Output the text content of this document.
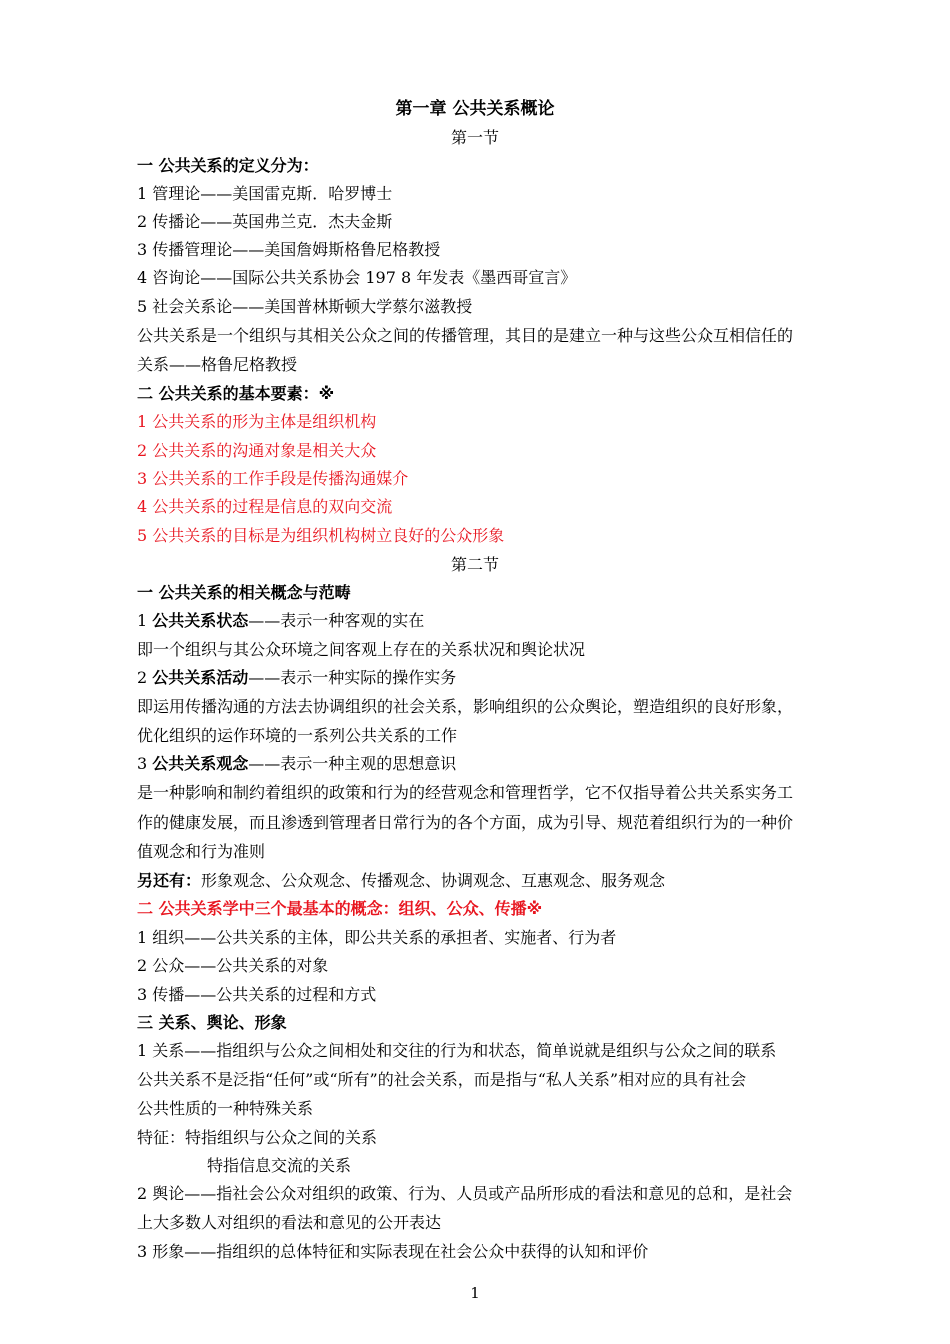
第一章 公共关系概论
第一节
一 公共关系的定义分为：
1 管理论——美国雷克斯．哈罗博士
2 传播论——英国弗兰克．杰夫金斯
3 传播管理论——美国詹姆斯格鲁尼格教授
4 咨询论——国际公共关系协会 197 8 年发表《墨西哥宣言》
5 社会关系论——美国普林斯顿大学蔡尔滋教授
公共关系是一个组织与其相关公众之间的传播管理，其目的是建立一种与这些公众互相信任的
关系——格鲁尼格教授
二 公共关系的基本要素：※
1 公共关系的形为主体是组织机构
2 公共关系的沟通对象是相关大众
3 公共关系的工作手段是传播沟通媒介
4 公共关系的过程是信息的双向交流
5 公共关系的目标是为组织机构树立良好的公众形象
第二节
一 公共关系的相关概念与范畴
1 公共关系状态——表示一种客观的实在
即一个组织与其公众环境之间客观上存在的关系状况和舆论状况
2 公共关系活动——表示一种实际的操作实务
即运用传播沟通的方法去协调组织的社会关系，影响组织的公众舆论，塑造组织的良好形象，
优化组织的运作环境的一系列公共关系的工作
3 公共关系观念——表示一种主观的思想意识
是一种影响和制约着组织的政策和行为的经营观念和管理哲学，它不仅指导着公共关系实务工
作的健康发展，而且渗透到管理者日常行为的各个方面，成为引导、规范着组织行为的一种价
值观念和行为准则
另还有：形象观念、公众观念、传播观念、协调观念、互惠观念、服务观念
二 公共关系学中三个最基本的概念：组织、公众、传播※
1 组织——公共关系的主体，即公共关系的承担者、实施者、行为者
2 公众——公共关系的对象
3 传播——公共关系的过程和方式
三 关系、舆论、形象
1 关系——指组织与公众之间相处和交往的行为和状态，简单说就是组织与公众之间的联系
公共关系不是泛指“任何”或“所有”的社会关系，而是指与“私人关系”相对应的具有社会
公共性质的一种特殊关系
特征：特指组织与公众之间的关系
特指信息交流的关系
2 舆论——指社会公众对组织的政策、行为、人员或产品所形成的看法和意见的总和，是社会
上大多数人对组织的看法和意见的公开表达
3 形象——指组织的总体特征和实际表现在社会公众中获得的认知和评价
1
